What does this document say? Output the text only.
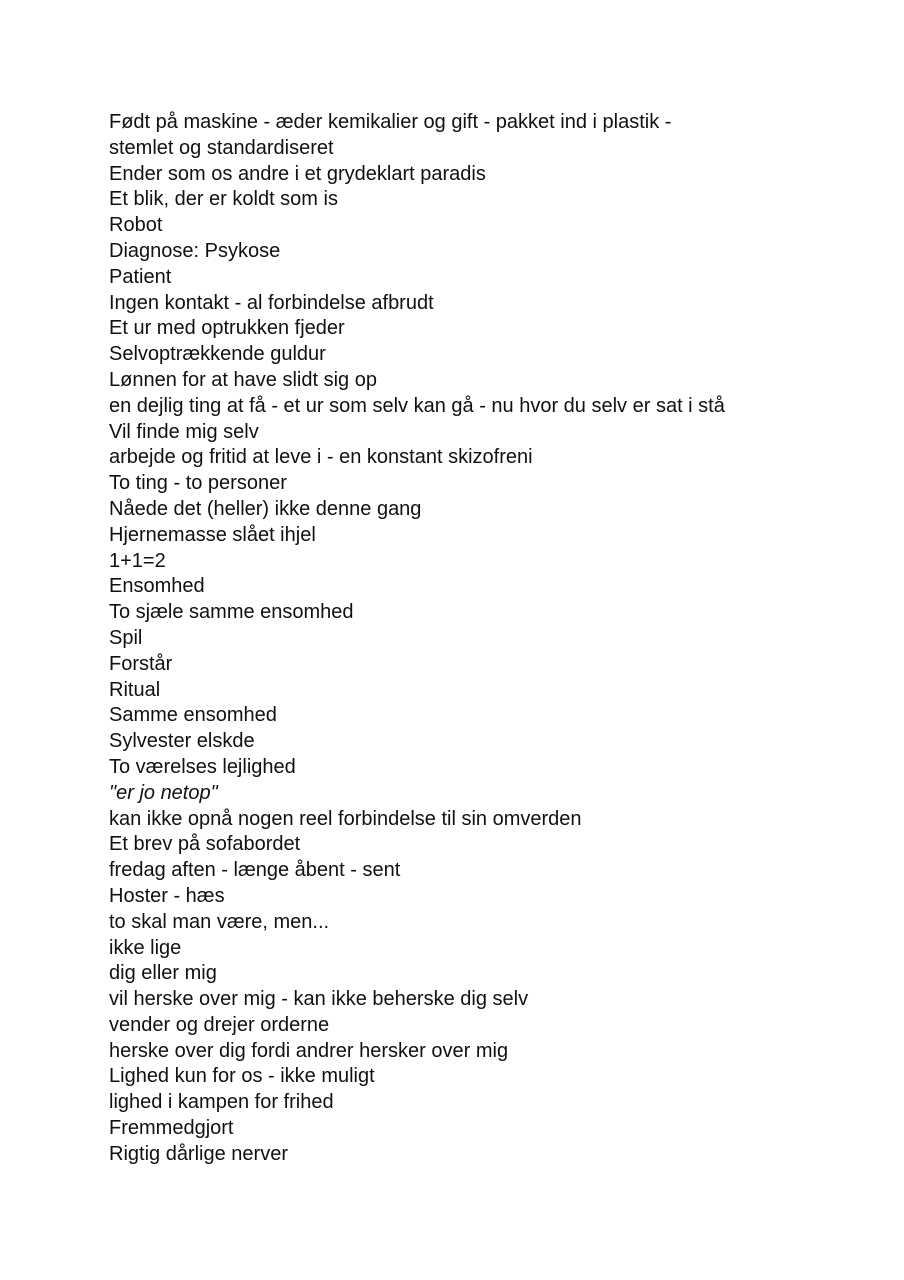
Født på maskine - æder kemikalier og gift - pakket ind i plastik -
stemlet og standardiseret
Ender som os andre i et grydeklart paradis
Et blik, der er koldt som is
Robot
Diagnose: Psykose
Patient
Ingen kontakt - al forbindelse afbrudt
Et ur med optrukken fjeder
Selvoptrækkende guldur
Lønnen for at have slidt sig op
en dejlig ting at få - et ur som selv kan gå - nu hvor du selv er sat i stå
Vil finde mig selv
arbejde og fritid at leve i - en konstant skizofreni
To ting - to personer
Nåede det (heller) ikke denne gang
Hjernemasse slået ihjel
1+1=2
Ensomhed
To sjæle samme ensomhed
Spil
Forstår
Ritual
Samme ensomhed
Sylvester elskde
To værelses lejlighed
"er jo netop"
kan ikke opnå nogen reel forbindelse til sin omverden
Et brev på sofabordet
fredag aften - længe åbent - sent
Hoster - hæs
to skal man være, men...
ikke lige
dig eller mig
vil herske over mig - kan ikke beherske dig selv
vender og drejer orderne
herske over dig fordi andrer hersker over mig
Lighed kun for os - ikke muligt
lighed i kampen for frihed
Fremmedgjort
Rigtig dårlige nerver
